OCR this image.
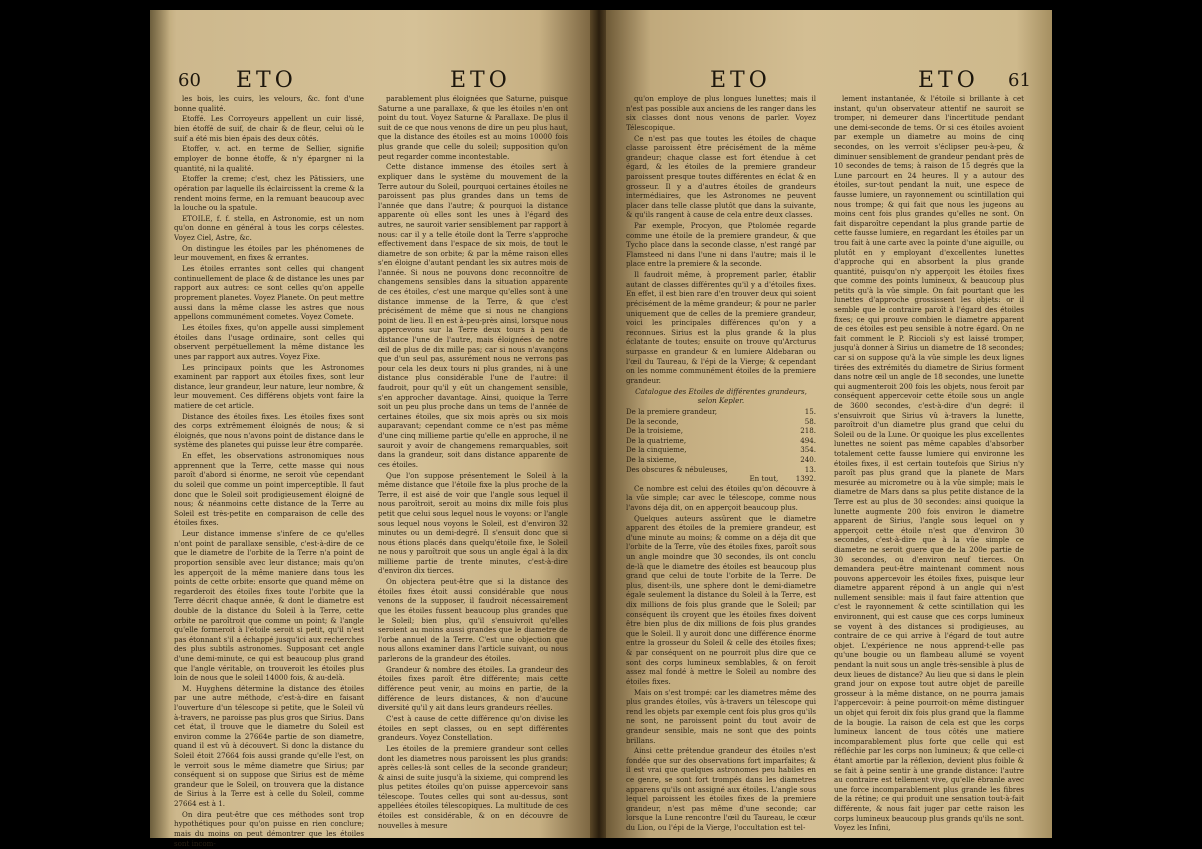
60 ETO	ETO

les bois, les cuirs, les velours, &c. font d'une bonne qualité.

Etoffé. Les Corroyeurs appellent un cuir lissé, bien étoffé de suif, de chair & de fleur, celui où le suif a été mis bien épais des deux côtés.

Etoffer, v. act. en terme de Sellier, signifie employer de bonne étoffe, & n'y épargner ni la quantité, ni la qualité.

Etoffer la creme; c'est, chez les Pâtissiers, une opération par laquelle ils éclaircissent la creme & la rendent moins ferme, en la remuant beaucoup avec la louche ou la spatule.

ETOILE, f. f. stella, en Astronomie, est un nom qu'on donne en général à tous les corps célestes. Voyez Ciel, Astre, &c.

On distingue les étoiles par les phénomenes de leur mouvement, en fixes & errantes.

Les étoiles errantes sont celles qui changent continuellement de place & de distance les unes par rapport aux autres: ce sont celles qu'on appelle proprement planetes. Voyez Planete. On peut mettre aussi dans la même classe les astres que nous appellons communément cometes. Voyez Comete.

Les étoiles fixes, qu'on appelle aussi simplement étoiles dans l'usage ordinaire, sont celles qui observent perpétuellement la même distance les unes par rapport aux autres. Voyez Fixe.

Les principaux points que les Astronomes examinent par rapport aux étoiles fixes, sont leur distance, leur grandeur, leur nature, leur nombre, & leur mouvement. Ces différens objets vont faire la matiere de cet article.

Distance des étoiles fixes. Les étoiles fixes sont des corps extrêmement éloignés de nous; & si éloignés, que nous n'avons point de distance dans le système des planetes qui puisse leur être comparée.

En effet, les observations astronomiques nous apprennent que la Terre, cette masse qui nous paroît d'abord si énorme, ne seroit vûe cependant du soleil que comme un point imperceptible. Il faut donc que le Soleil soit prodigieusement éloigné de nous; & néanmoins cette distance de la Terre au Soleil est très-petite en comparaison de celle des étoiles fixes.

Leur distance immense s'infere de ce qu'elles n'ont point de parallaxe sensible, c'est-à-dire de ce que le diametre de l'orbite de la Terre n'a point de proportion sensible avec leur distance; mais qu'on les apperçoit de la même maniere dans tous les points de cette orbite: ensorte que quand même on regarderoit des étoiles fixes toute l'orbite que la Terre décrit chaque année, & dont le diametre est double de la distance du Soleil à la Terre, cette orbite ne paroîtroit que comme un point; & l'angle qu'elle formeroit à l'étoile seroit si petit, qu'il n'est pas étonnant s'il a échappé jusqu'ici aux recherches des plus subtils astronomes. Supposant cet angle d'une demi-minute, ce qui est beaucoup plus grand que l'angle véritable, on trouveroit les étoiles plus loin de nous que le soleil 14000 fois, & au-delà.

M. Huyghens détermine la distance des étoiles par une autre méthode, c'est-à-dire en faisant l'ouverture d'un télescope si petite, que le Soleil vû à-travers, ne paroisse pas plus gros que Sirius. Dans cet état, il trouve que le diametre du Soleil est environ comme la 27664e partie de son diametre, quand il est vû à découvert. Si donc la distance du Soleil étoit 27664 fois aussi grande qu'elle l'est, on le verroit sous le même diametre que Sirius; par conséquent si on suppose que Sirius est de même grandeur que le Soleil, on trouvera que la distance de Sirius à la Terre est à celle du Soleil, comme 27664 est à 1.

On dira peut-être que ces méthodes sont trop hypothétiques pour qu'on puisse en rien conclure; mais du moins on peut démontrer que les étoiles sont incom-

parablement plus éloignées que Saturne, puisque Saturne a une parallaxe, & que les étoiles n'en ont point du tout. Voyez Saturne & Parallaxe. De plus il suit de ce que nous venons de dire un peu plus haut, que la distance des étoiles est au moins 10000 fois plus grande que celle du soleil; supposition qu'on peut regarder comme incontestable.

Cette distance immense des étoiles sert à expliquer dans le système du mouvement de la Terre autour du Soleil, pourquoi certaines étoiles ne paroissent pas plus grandes dans un tems de l'année que dans l'autre; & pourquoi la distance apparente où elles sont les unes à l'égard des autres, ne sauroit varier sensiblement par rapport à nous: car il y a telle étoile dont la Terre s'approche effectivement dans l'espace de six mois, de tout le diametre de son orbite; & par la même raison elles s'en éloigne d'autant pendant les six autres mois de l'année. Si nous ne pouvons donc reconnoître de changemens sensibles dans la situation apparente de ces étoiles, c'est une marque qu'elles sont à une distance immense de la Terre, & que c'est précisément de même que si nous ne changions point de lieu. Il en est à-peu-près ainsi, lorsque nous appercevons sur la Terre deux tours à peu de distance l'une de l'autre, mais éloignées de notre œil de plus de dix mille pas; car si nous n'avançons que d'un seul pas, assurément nous ne verrons pas pour cela les deux tours ni plus grandes, ni à une distance plus considérable l'une de l'autre: il faudroit, pour qu'il y eût un changement sensible, s'en approcher davantage. Ainsi, quoique la Terre soit un peu plus proche dans un tems de l'année de certaines étoiles, que six mois après ou six mois auparavant; cependant comme ce n'est pas même d'une cinq millieme partie qu'elle en approche, il ne sauroit y avoir de changemens remarquables, soit dans la grandeur, soit dans distance apparente de ces étoiles.

Que l'on suppose présentement le Soleil à la même distance que l'étoile fixe la plus proche de la Terre, il est aisé de voir que l'angle sous lequel il nous paroîtroit, seroit au moins dix mille fois plus petit que celui sous lequel nous le voyons: or l'angle sous lequel nous voyons le Soleil, est d'environ 32 minutes ou un demi-degré. Il s'ensuit donc que si nous étions placés dans quelqu'étoile fixe, le Soleil ne nous y paroîtroit que sous un angle égal à la dix millieme partie de trente minutes, c'est-à-dire d'environ dix tierces.

On objectera peut-être que si la distance des étoiles fixes étoit aussi considérable que nous venons de la supposer, il faudroit nécessairement que les étoiles fussent beaucoup plus grandes que le Soleil; bien plus, qu'il s'ensuivroit qu'elles seroient au moins aussi grandes que le diametre de l'orbe annuel de la Terre. C'est une objection que nous allons examiner dans l'article suivant, ou nous parlerons de la grandeur des étoiles.

Grandeur & nombre des étoiles. La grandeur des étoiles fixes paroît être différente; mais cette différence peut venir, au moins en partie, de la différence de leurs distances, & non d'aucune diversité qu'il y ait dans leurs grandeurs réelles.

C'est à cause de cette différence qu'on divise les étoiles en sept classes, ou en sept différentes grandeurs. Voyez Constellation.

Les étoiles de la premiere grandeur sont celles dont les diametres nous paroissent les plus grands: après celles-là sont celles de la seconde grandeur; & ainsi de suite jusqu'à la sixieme, qui comprend les plus petites étoiles qu'on puisse appercevoir sans télescope. Toutes celles qui sont au-dessus, sont appellées étoiles télescopiques. La multitude de ces étoiles est considérable, & on en découvre de nouvelles à mesure

ETO	ETO 61

qu'on employe de plus longues lunettes; mais il n'est pas possible aux anciens de les ranger dans les six classes dont nous venons de parler. Voyez Télescopique.

Ce n'est pas que toutes les étoiles de chaque classe paroissent être précisément de la même grandeur; chaque classe est fort étendue à cet égard, & les étoiles de la premiere grandeur paroissent presque toutes différentes en éclat & en grosseur. Il y a d'autres étoiles de grandeurs intermédiaires, que les Astronomes ne peuvent placer dans telle classe plutôt que dans la suivante, & qu'ils rangent à cause de cela entre deux classes.

Par exemple, Procyon, que Ptolomée regarde comme une étoile de la premiere grandeur, & que Tycho place dans la seconde classe, n'est rangé par Flamsteed ni dans l'une ni dans l'autre; mais il le place entre la premiere & la seconde.

Il faudroit même, à proprement parler, établir autant de classes différentes qu'il y a d'étoiles fixes. En effet, il est bien rare d'en trouver deux qui soient précisément de la même grandeur; & pour ne parler uniquement que de celles de la premiere grandeur, voici les principales différences qu'on y a reconnues. Sirius est la plus grande & la plus éclatante de toutes; ensuite on trouve qu'Arcturus surpasse en grandeur & en lumiere Aldebaran ou l'œil du Taureau, & l'épi de la Vierge; & cependant on les nomme communément étoiles de la premiere grandeur.

Catalogue des Etoiles de différentes grandeurs, selon Kepler.

De la premiere grandeur,	15.
De la seconde,	58.
De la troisieme,	218.
De la quatrieme,	494.
De la cinquieme,	354.
De la sixieme,	240.
Des obscures & nébuleuses,	13.
En tout,	1392.

Ce nombre est celui des étoiles qu'on découvre à la vûe simple; car avec le télescope, comme nous l'avons déja dit, on en apperçoit beaucoup plus.

Quelques auteurs assûrent que le diametre apparent des étoiles de la premiere grandeur, est d'une minute au moins; & comme on a déja dit que l'orbite de la Terre, vûe des étoiles fixes, paroît sous un angle moindre que 30 secondes, ils ont conclu de-là que le diametre des étoiles est beaucoup plus grand que celui de toute l'orbite de la Terre. De plus, disent-ils, une sphere dont le demi-diametre égale seulement la distance du Soleil à la Terre, est dix millions de fois plus grande que le Soleil; par conséquent ils croyent que les étoiles fixes doivent être bien plus de dix millions de fois plus grandes que le Soleil. Il y auroit donc une différence énorme entre la grosseur du Soleil & celle des étoiles fixes; & par conséquent on ne pourroit plus dire que ce sont des corps lumineux semblables, & on feroit assez mal fondé à mettre le Soleil au nombre des étoiles fixes.

Mais on s'est trompé: car les diametres même des plus grandes étoiles, vûs à-travers un télescope qui rend les objets par exemple cent fois plus gros qu'ils ne sont, ne paroissent point du tout avoir de grandeur sensible, mais ne sont que des points brillans.

Ainsi cette prétendue grandeur des étoiles n'est fondée que sur des observations fort imparfaites; & il est vrai que quelques astronomes peu habiles en ce genre, se sont fort trompés dans les diametres apparens qu'ils ont assigné aux étoiles. L'angle sous lequel paroissent les étoiles fixes de la premiere grandeur, n'est pas même d'une seconde; car lorsque la Lune rencontre l'œil du Taureau, le cœur du Lion, ou l'épi de la Vierge, l'occultation est tel-

lement instantanée, & l'étoile si brillante à cet instant, qu'un observateur attentif ne sauroit se tromper, ni demeurer dans l'incertitude pendant une demi-seconde de tems. Or si ces étoiles avoient par exemple un diametre au moins de cinq secondes, on les verroit s'éclipser peu-à-peu, & diminuer sensiblement de grandeur pendant près de 10 secondes de tems; à raison de 15 degrés que la Lune parcourt en 24 heures. Il y a autour des étoiles, sur-tout pendant la nuit, une espece de fausse lumiere, un rayonnement ou scintillation qui nous trompe; & qui fait que nous les jugeons au moins cent fois plus grandes qu'elles ne sont. On fait disparoître cependant la plus grande partie de cette fausse lumiere, en regardant les étoiles par un trou fait à une carte avec la pointe d'une aiguille, ou plutôt en y employant d'excellentes lunettes d'approche qui en absorbent la plus grande quantité, puisqu'on n'y apperçoit les étoiles fixes que comme des points lumineux, & beaucoup plus petits qu'à la vûe simple. On fait pourtant que les lunettes d'approche grossissent les objets: or il semble que le contraire paroît à l'égard des étoiles fixes; ce qui prouve combien le diametre apparent de ces étoiles est peu sensible à notre égard. On ne fait comment le P. Riccioli s'y est laissé tromper, jusqu'à donner à Sirius un diametre de 18 secondes; car si on suppose qu'à la vûe simple les deux lignes tirées des extrémités du diametre de Sirius forment dans notre œil un angle de 18 secondes, une lunette qui augmenteroit 200 fois les objets, nous feroit par conséquent appercevoir cette étoile sous un angle de 3600 secondes, c'est-à-dire d'un degré: il s'ensuivroit que Sirius vû à-travers la lunette, paroîtroit d'un diametre plus grand que celui du Soleil ou de la Lune. Or quoique les plus excellentes lunettes ne soient pas même capables d'absorber totalement cette fausse lumiere qui environne les étoiles fixes, il est certain toutefois que Sirius n'y paroît pas plus grand que la planete de Mars mesurée au micrometre ou à la vûe simple; mais le diametre de Mars dans sa plus petite distance de la Terre est au plus de 30 secondes: ainsi quoique la lunette augmente 200 fois environ le diametre apparent de Sirius, l'angle sous lequel on y apperçoit cette étoile n'est que d'environ 30 secondes, c'est-à-dire que à la vûe simple ce diametre ne seroit guere que de la 200e partie de 30 secondes, ou d'environ neuf tierces. On demandera peut-être maintenant comment nous pouvons appercevoir les étoiles fixes, puisque leur diametre apparent répond à un angle qui n'est nullement sensible: mais il faut faire attention que c'est le rayonnement & cette scintillation qui les environnent, qui est cause que ces corps lumineux se voyent à des distances si prodigieuses, au contraire de ce qui arrive à l'égard de tout autre objet. L'expérience ne nous apprend-t-elle pas qu'une bougie ou un flambeau allumé se voyent pendant la nuit sous un angle très-sensible à plus de deux lieues de distance? Au lieu que si dans le plein grand jour on expose tout autre objet de pareille grosseur à la même distance, on ne pourra jamais l'appercevoir: à peine pourroit-on même distinguer un objet qui feroit dix fois plus grand que la flamme de la bougie. La raison de cela est que les corps lumineux lancent de tous côtés une matiere incomparablement plus forte que celle qui est réfléchie par les corps non lumineux; & que celle-ci étant amortie par la réflexion, devient plus foible & se fait à peine sentir à une grande distance: l'autre au contraire est tellement vive, qu'elle ébranle avec une force incomparablement plus grande les fibres de la rétine; ce qui produit une sensation tout-à-fait différente, & nous fait juger par cette raison les corps lumineux beaucoup plus grands qu'ils ne sont. Voyez les Infini,
